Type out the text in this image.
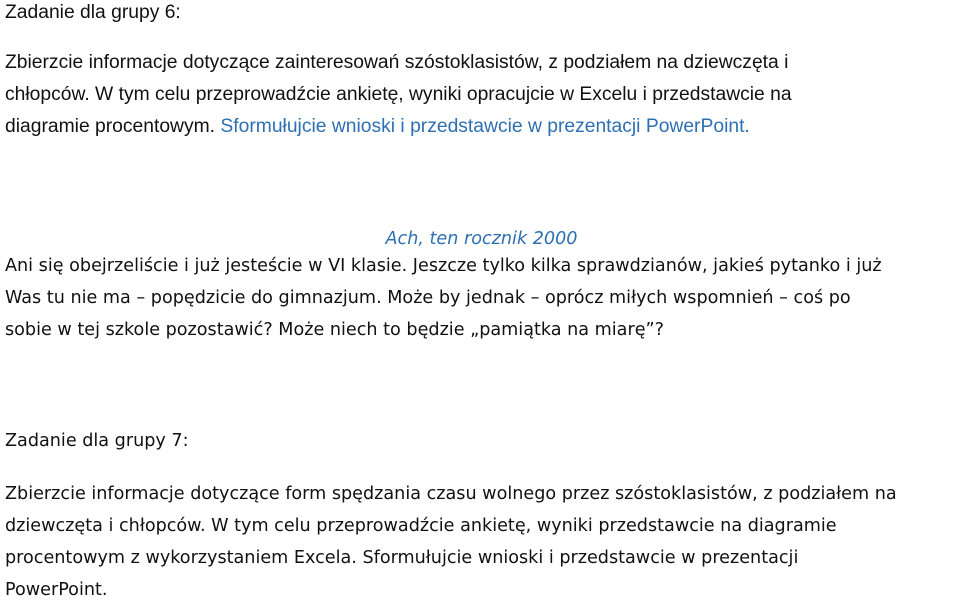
Zadanie dla grupy 6:

Zbierzcie informacje dotyczące zainteresowań szóstoklasistów, z podziałem na dziewczęta i

chłopców. W tym celu przeprowadźcie ankietę, wyniki opracujcie w Excelu i przedstawcie na

diagramie procentowym. Sformułujcie wnioski i przedstawcie w prezentacji PowerPoint.

Ach, ten rocznik 2000

Ani się obejrzeliście i już jesteście w VI klasie. Jeszcze tylko kilka sprawdzianów, jakieś pytanko i już

Was tu nie ma – popędzicie do gimnazjum. Może by jednak – oprócz miłych wspomnień – coś po

sobie w tej szkole pozostawić? Może niech to będzie „pamiątka na miarę”?

Zadanie dla grupy 7:

Zbierzcie informacje dotyczące form spędzania czasu wolnego przez szóstoklasistów, z podziałem na

dziewczęta i chłopców. W tym celu przeprowadźcie ankietę, wyniki przedstawcie na diagramie

procentowym z wykorzystaniem Excela. Sformułujcie wnioski i przedstawcie w prezentacji

PowerPoint.
